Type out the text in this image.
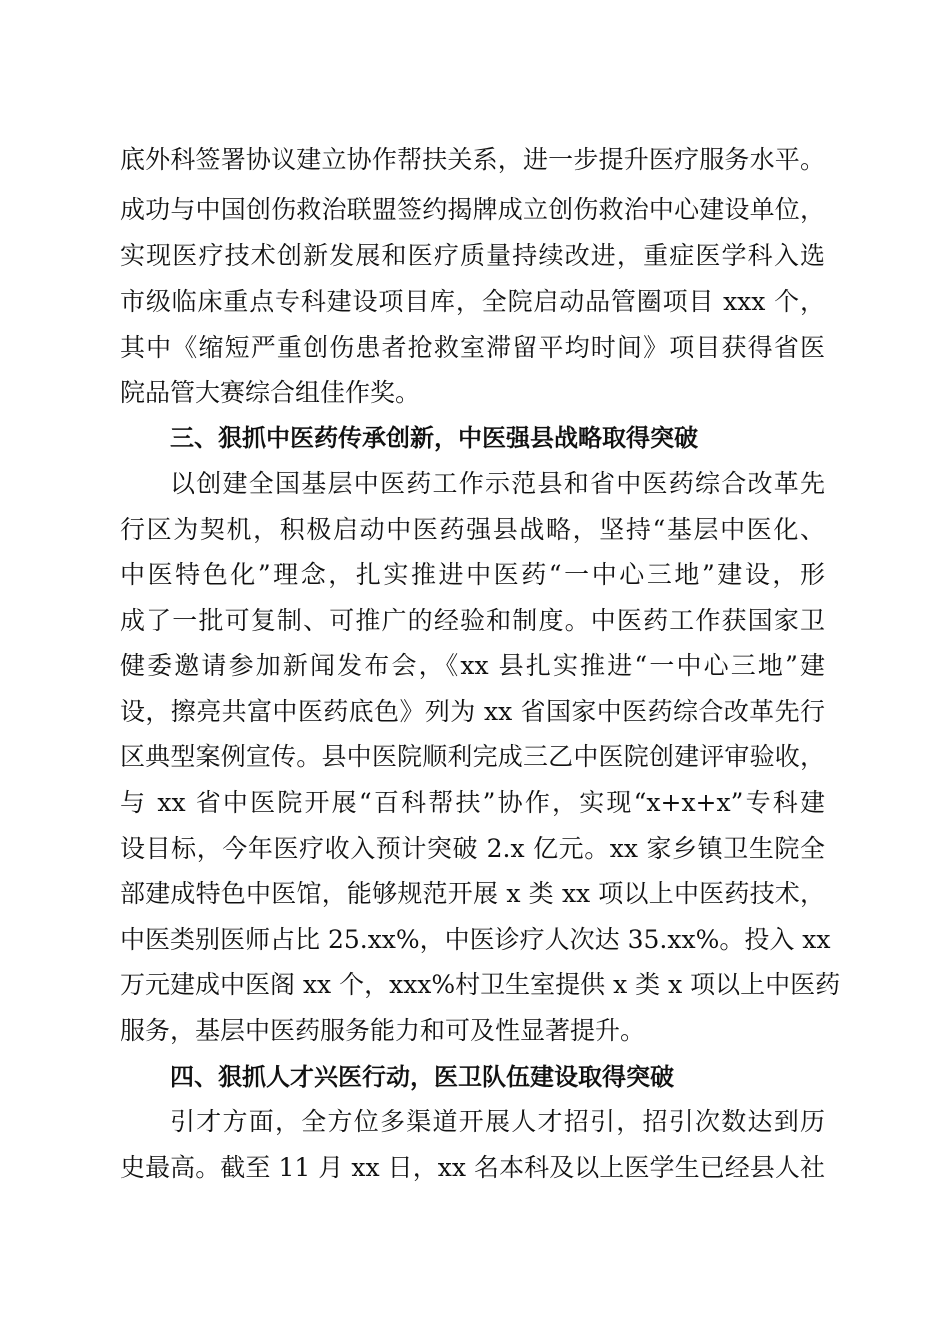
底外科签署协议建立协作帮扶关系，进一步提升医疗服务水平。

成功与中国创伤救治联盟签约揭牌成立创伤救治中心建设单位，

实现医疗技术创新发展和医疗质量持续改进，重症医学科入选

市级临床重点专科建设项目库，全院启动品管圈项目 xxx 个，

其中《缩短严重创伤患者抢救室滞留平均时间》项目获得省医

院品管大赛综合组佳作奖。

三、狠抓中医药传承创新，中医强县战略取得突破

以创建全国基层中医药工作示范县和省中医药综合改革先

行区为契机，积极启动中医药强县战略，坚持“基层中医化、

中医特色化”理念，扎实推进中医药“一中心三地”建设，形

成了一批可复制、可推广的经验和制度。中医药工作获国家卫

健委邀请参加新闻发布会，《xx 县扎实推进“一中心三地”建

设，擦亮共富中医药底色》列为 xx 省国家中医药综合改革先行

区典型案例宣传。县中医院顺利完成三乙中医院创建评审验收，

与 xx 省中医院开展“百科帮扶”协作，实现“x+x+x”专科建

设目标，今年医疗收入预计突破 2.x 亿元。xx 家乡镇卫生院全

部建成特色中医馆，能够规范开展 x 类 xx 项以上中医药技术，

中医类别医师占比 25.xx%，中医诊疗人次达 35.xx%。投入 xx

万元建成中医阁 xx 个，xxx%村卫生室提供 x 类 x 项以上中医药

服务，基层中医药服务能力和可及性显著提升。

四、狠抓人才兴医行动，医卫队伍建设取得突破

引才方面，全方位多渠道开展人才招引，招引次数达到历

史最高。截至 11 月 xx 日，xx 名本科及以上医学生已经县人社
